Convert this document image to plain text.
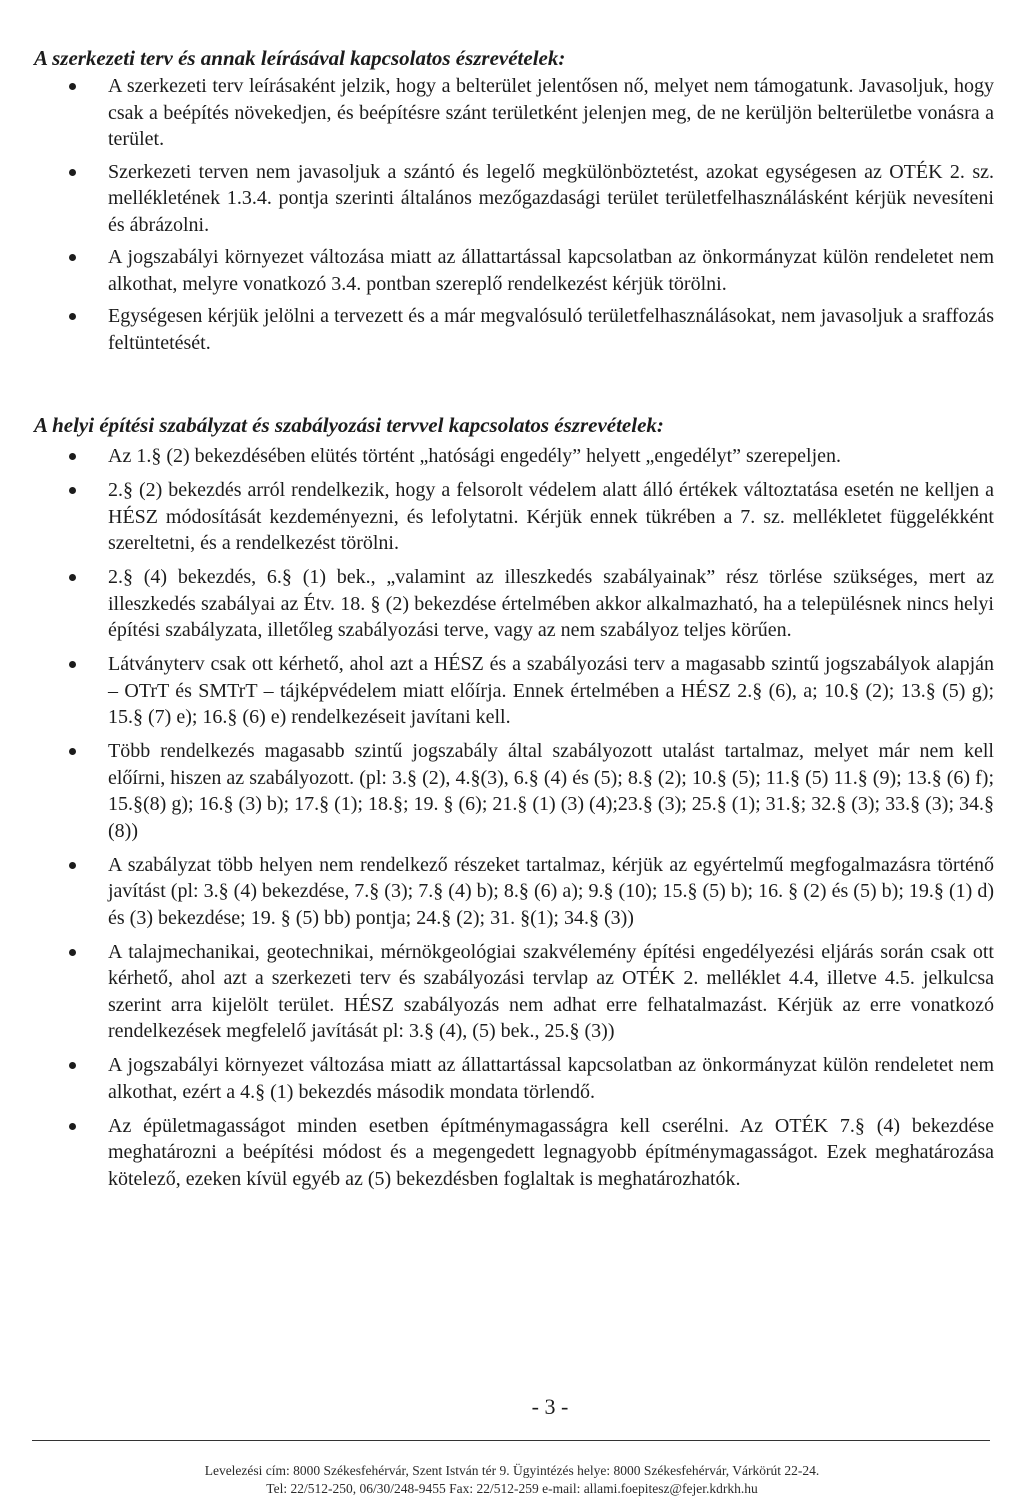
A szerkezeti terv és annak leírásával kapcsolatos észrevételek:
A szerkezeti terv leírásaként jelzik, hogy a belterület jelentősen nő, melyet nem támogatunk. Javasoljuk, hogy csak a beépítés növekedjen, és beépítésre szánt területként jelenjen meg, de ne kerüljön belterületbe vonásra a terület.
Szerkezeti terven nem javasoljuk a szántó és legelő megkülönböztetést, azokat egységesen az OTÉK 2. sz. mellékletének 1.3.4. pontja szerinti általános mezőgazdasági terület területfelhasználásként kérjük nevesíteni és ábrázolni.
A jogszabályi környezet változása miatt az állattartással kapcsolatban az önkormányzat külön rendeletet nem alkothat, melyre vonatkozó 3.4. pontban szereplő rendelkezést kérjük törölni.
Egységesen kérjük jelölni a tervezett és a már megvalósuló területfelhasználásokat, nem javasoljuk a sraffozás feltüntetését.
A helyi építési szabályzat és szabályozási tervvel kapcsolatos észrevételek:
Az 1.§ (2) bekezdésében elütés történt „hatósági engedély” helyett „engedélyt” szerepeljen.
2.§ (2) bekezdés arról rendelkezik, hogy a felsorolt védelem alatt álló értékek változtatása esetén ne kelljen a HÉSZ módosítását kezdeményezni, és lefolytatni. Kérjük ennek tükrében a 7. sz. mellékletet függelékként szereltetni, és a rendelkezést törölni.
2.§ (4) bekezdés, 6.§ (1) bek., „valamint az illeszkedés szabályainak” rész törlése szükséges, mert az illeszkedés szabályai az Étv. 18. § (2) bekezdése értelmében akkor alkalmazható, ha a településnek nincs helyi építési szabályzata, illetőleg szabályozási terve, vagy az nem szabályoz teljes körűen.
Látványterv csak ott kérhető, ahol azt a HÉSZ és a szabályozási terv a magasabb szintű jogszabályok alapján – OTrT és SMTrT – tájképvédelem miatt előírja. Ennek értelmében a HÉSZ 2.§ (6), a; 10.§ (2); 13.§ (5) g); 15.§ (7) e); 16.§ (6) e) rendelkezéseit javítani kell.
Több rendelkezés magasabb szintű jogszabály által szabályozott utalást tartalmaz, melyet már nem kell előírni, hiszen az szabályozott. (pl: 3.§ (2), 4.§(3), 6.§ (4) és (5); 8.§ (2); 10.§ (5); 11.§ (5) 11.§ (9); 13.§ (6) f); 15.§(8) g); 16.§ (3) b); 17.§ (1); 18.§; 19. § (6); 21.§ (1) (3) (4);23.§ (3); 25.§ (1); 31.§; 32.§ (3); 33.§ (3); 34.§ (8))
A szabályzat több helyen nem rendelkező részeket tartalmaz, kérjük az egyértelmű megfogalmazásra történő javítást (pl: 3.§ (4) bekezdése, 7.§ (3); 7.§ (4) b); 8.§ (6) a); 9.§ (10); 15.§ (5) b); 16. § (2) és (5) b); 19.§ (1) d) és (3) bekezdése; 19. § (5) bb) pontja; 24.§ (2); 31. §(1); 34.§ (3))
A talajmechanikai, geotechnikai, mérnökgeológiai szakvélemény építési engedélyezési eljárás során csak ott kérhető, ahol azt a szerkezeti terv és szabályozási tervlap az OTÉK 2. melléklet 4.4, illetve 4.5. jelkulcsa szerint arra kijelölt terület. HÉSZ szabályozás nem adhat erre felhatalmazást. Kérjük az erre vonatkozó rendelkezések megfelelő javítását pl: 3.§ (4), (5) bek., 25.§ (3))
A jogszabályi környezet változása miatt az állattartással kapcsolatban az önkormányzat külön rendeletet nem alkothat, ezért a 4.§ (1) bekezdés második mondata törlendő.
Az épületmagasságot minden esetben építménymagasságra kell cserélni. Az OTÉK 7.§ (4) bekezdése meghatározni a beépítési módost és a megengedett legnagyobb építménymagasságot. Ezek meghatározása kötelező, ezeken kívül egyéb az (5) bekezdésben foglaltak is meghatározhatók.
- 3 -
Levelezési cím: 8000 Székesfehérvár, Szent István tér 9. Ügyintézés helye: 8000 Székesfehérvár, Várkörút 22-24.
Tel: 22/512-250, 06/30/248-9455 Fax: 22/512-259 e-mail: allami.foepitesz@fejer.kdrkh.hu
